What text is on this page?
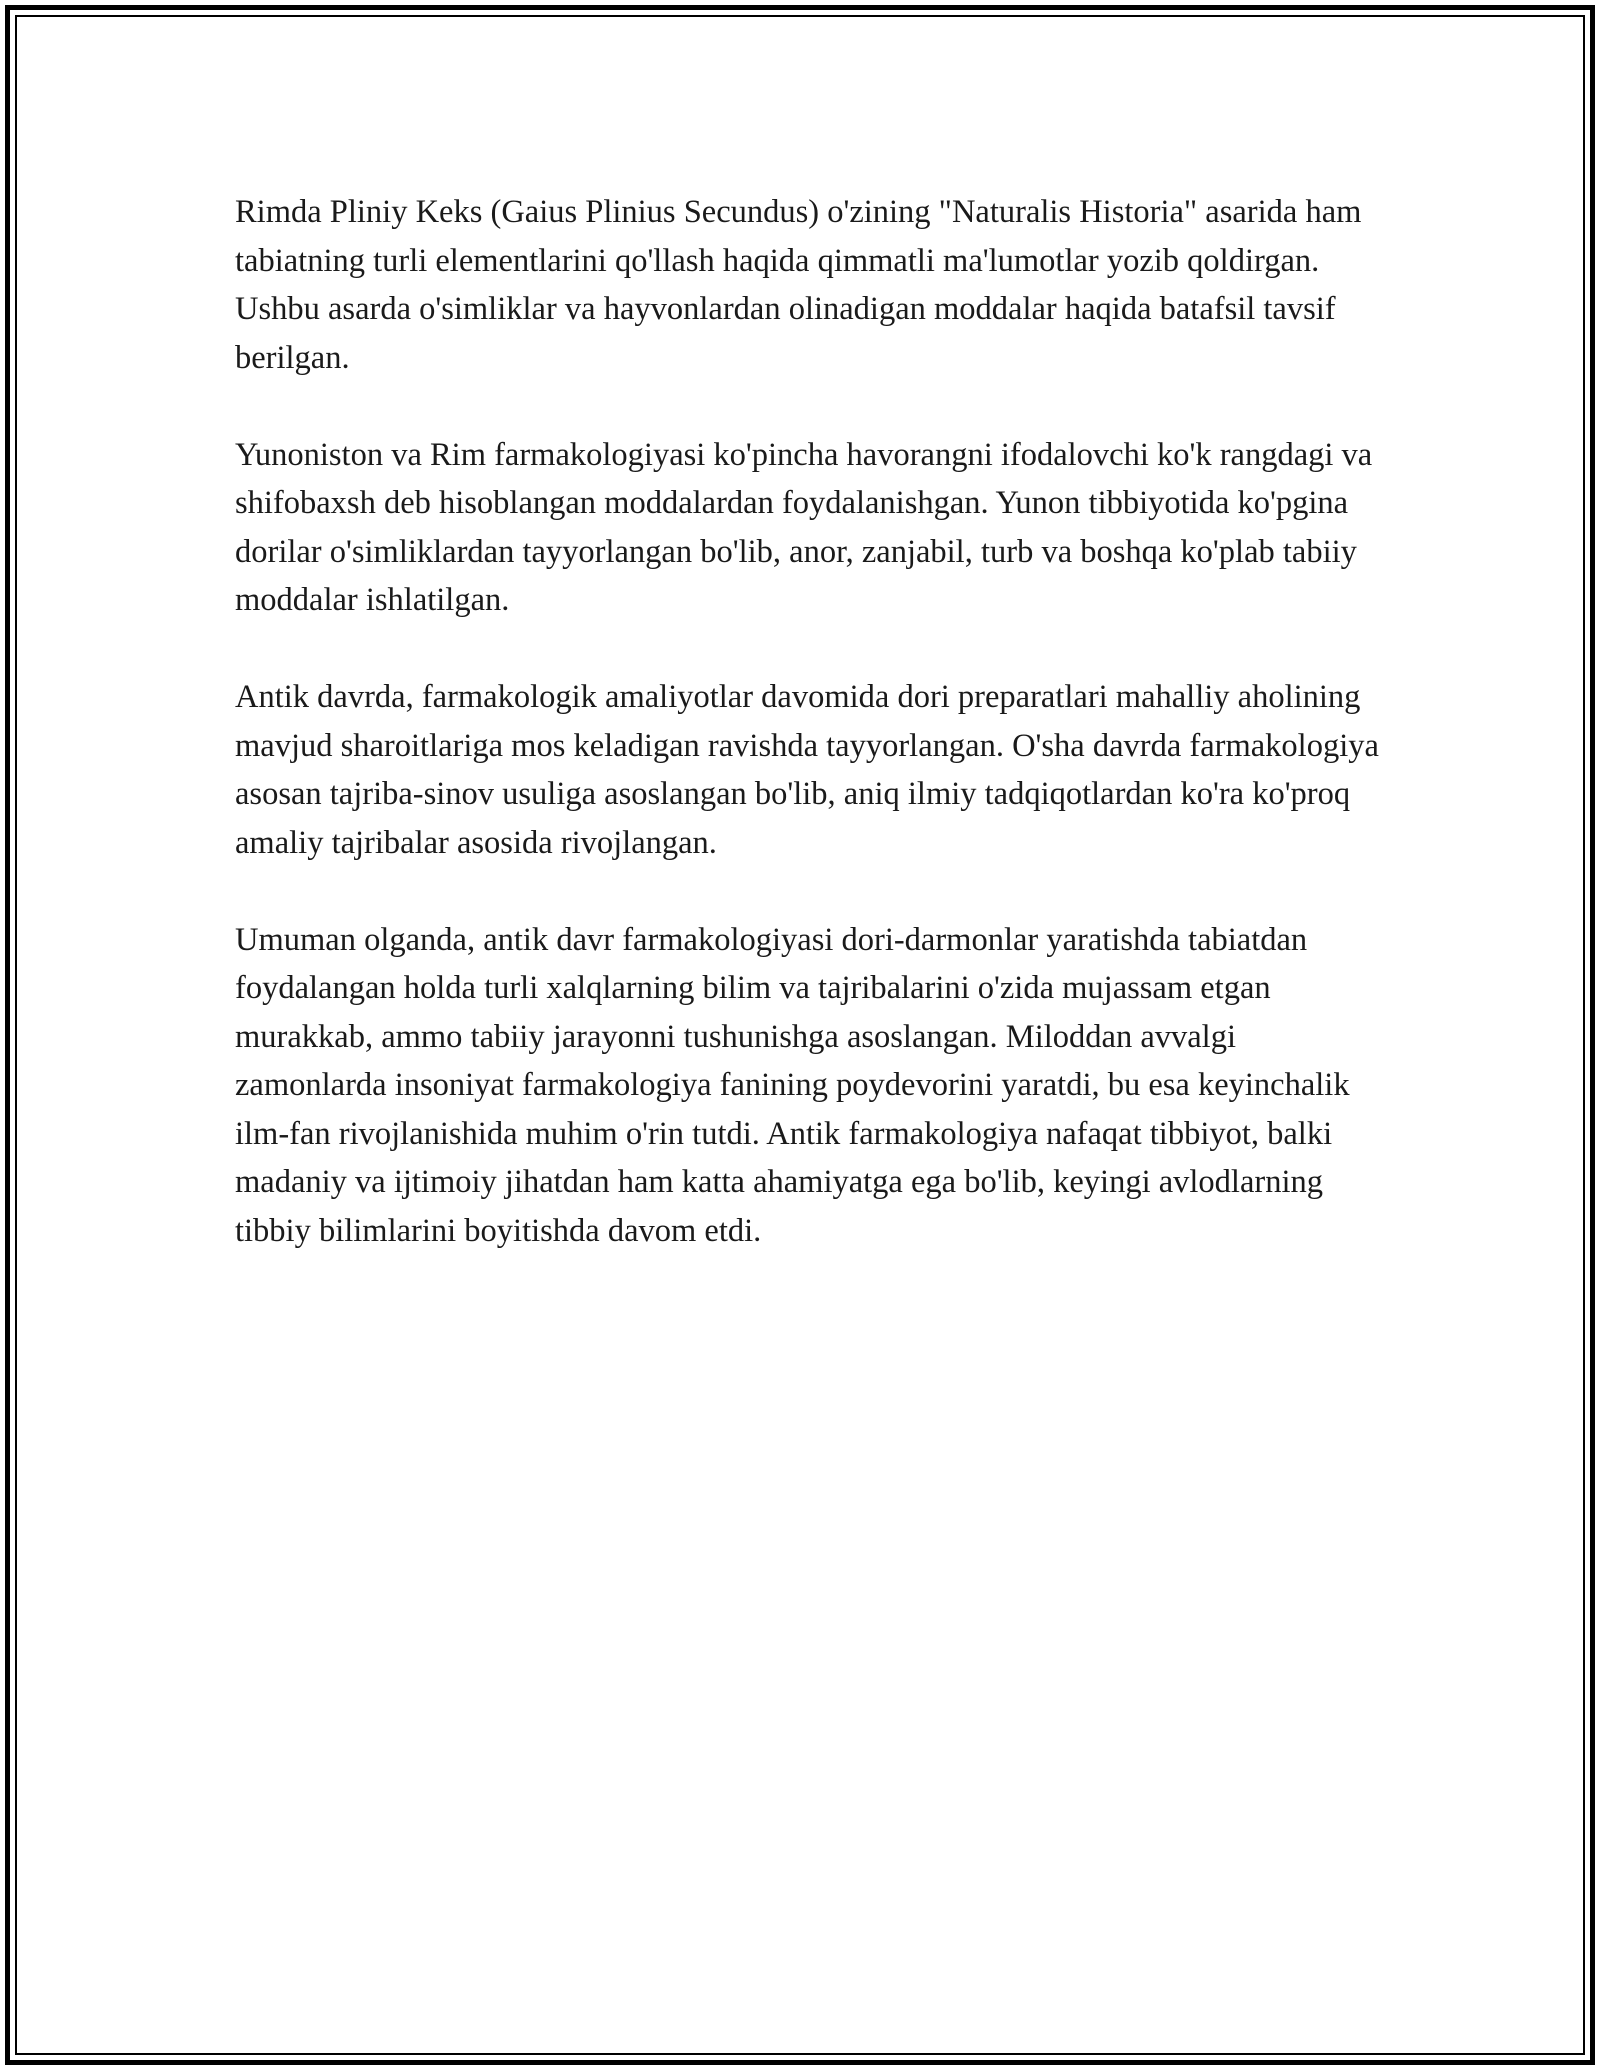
Rimda Pliniy Keks (Gaius Plinius Secundus) o'zining "Naturalis Historia" asarida ham tabiatning turli elementlarini qo'llash haqida qimmatli ma'lumotlar yozib qoldirgan. Ushbu asarda o'simliklar va hayvonlardan olinadigan moddalar haqida batafsil tavsif berilgan.

Yunoniston va Rim farmakologiyasi ko'pincha havorangni ifodalovchi ko'k rangdagi va shifobaxsh deb hisoblangan moddalardan foydalanishgan. Yunon tibbiyotida ko'pgina dorilar o'simliklardan tayyorlangan bo'lib, anor, zanjabil, turb va boshqa ko'plab tabiiy moddalar ishlatilgan.

Antik davrda, farmakologik amaliyotlar davomida dori preparatlari mahalliy aholining mavjud sharoitlariga mos keladigan ravishda tayyorlangan. O'sha davrda farmakologiya asosan tajriba-sinov usuliga asoslangan bo'lib, aniq ilmiy tadqiqotlardan ko'ra ko'proq amaliy tajribalar asosida rivojlangan.

Umuman olganda, antik davr farmakologiyasi dori-darmonlar yaratishda tabiatdan foydalangan holda turli xalqlarning bilim va tajribalarini o'zida mujassam etgan murakkab, ammo tabiiy jarayonni tushunishga asoslangan. Miloddan avvalgi zamonlarda insoniyat farmakologiya fanining poydevorini yaratdi, bu esa keyinchalik ilm-fan rivojlanishida muhim o'rin tutdi. Antik farmakologiya nafaqat tibbiyot, balki madaniy va ijtimoiy jihatdan ham katta ahamiyatga ega bo'lib, keyingi avlodlarning tibbiy bilimlarini boyitishda davom etdi.
